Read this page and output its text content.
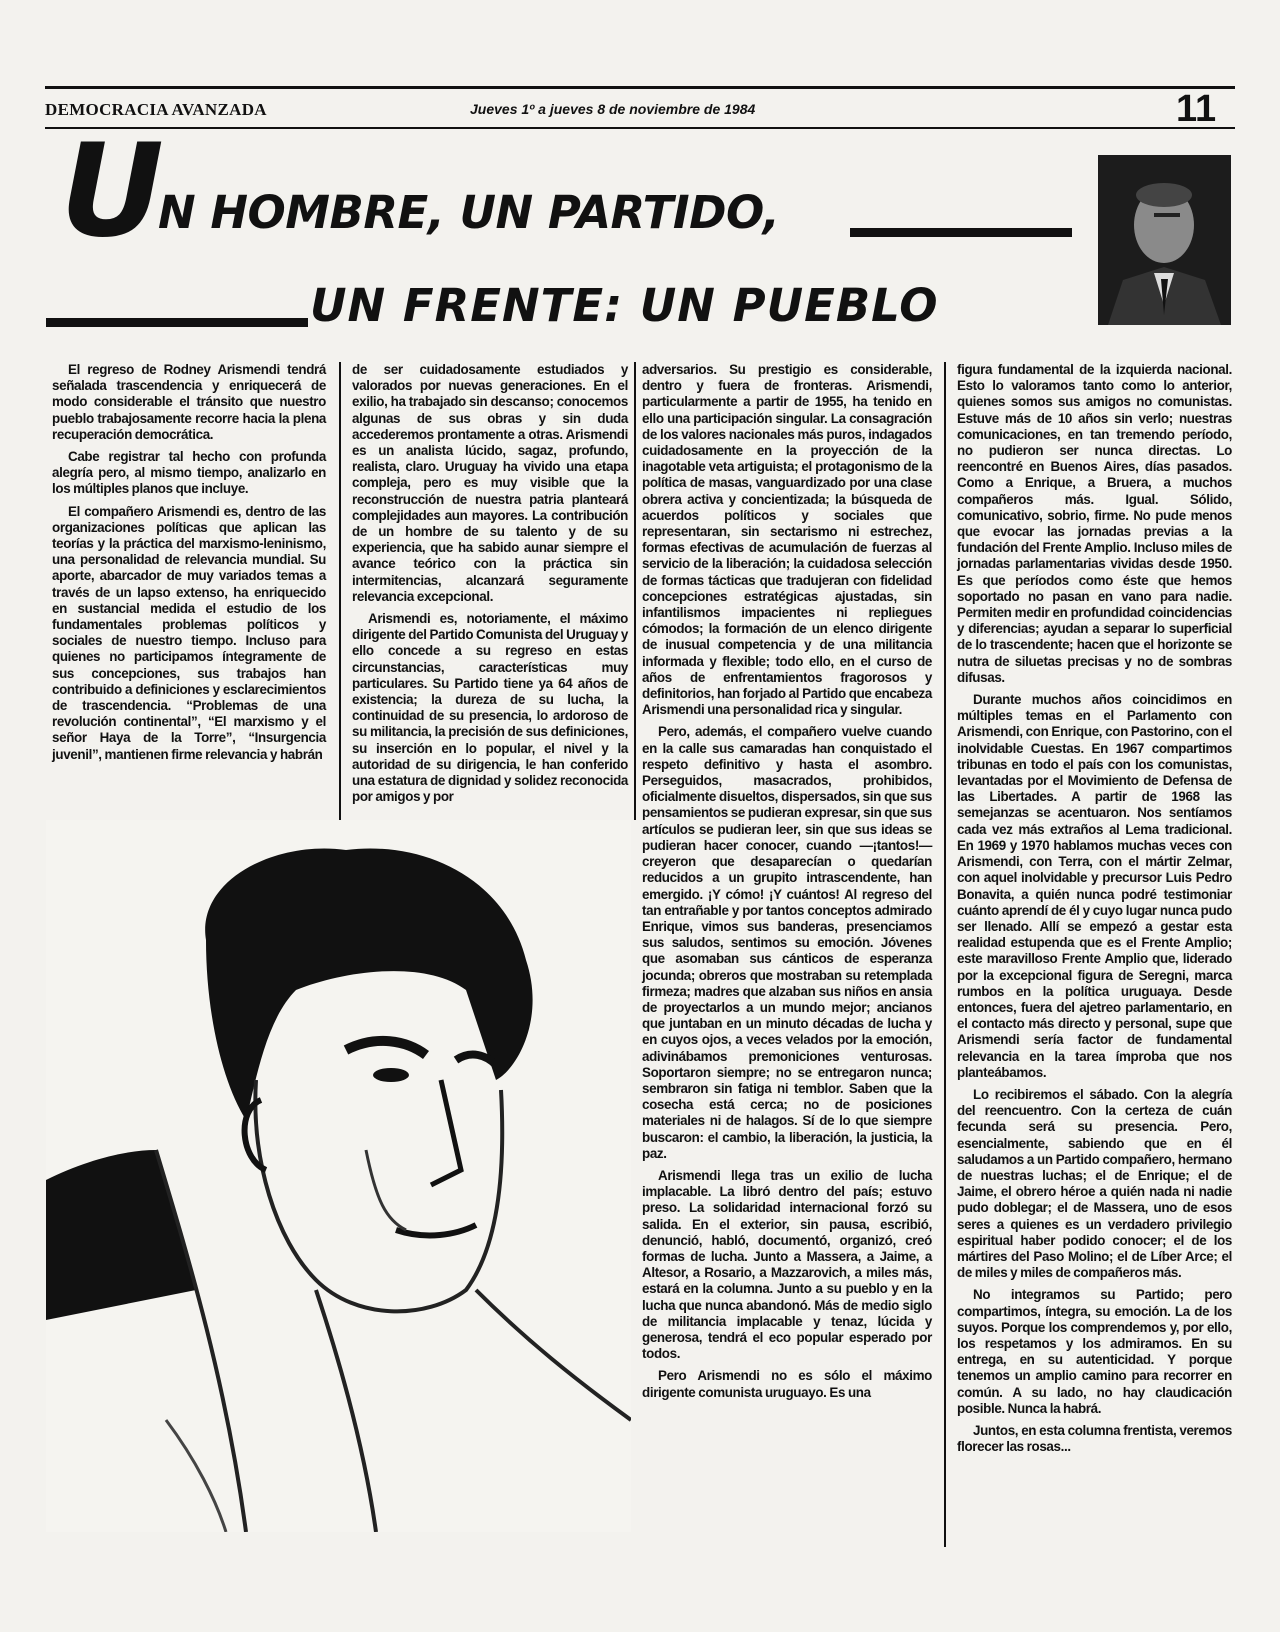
DEMOCRACIA AVANZADA	Jueves 1º a jueves 8 de noviembre de 1984	11
U
N HOMBRE, UN PARTIDO,
UN FRENTE: UN PUEBLO

El regreso de Rodney Arismendi tendrá señalada trascendencia y enriquecerá de modo considerable el tránsito que nuestro pueblo trabajosamente recorre hacia la plena recuperación democrática.

Cabe registrar tal hecho con profunda alegría pero, al mismo tiempo, analizarlo en los múltiples planos que incluye.

El compañero Arismendi es, dentro de las organizaciones políticas que aplican las teorías y la práctica del marxismo-leninismo, una personalidad de relevancia mundial. Su aporte, abarcador de muy variados temas a través de un lapso extenso, ha enriquecido en sustancial medida el estudio de los fundamentales problemas políticos y sociales de nuestro tiempo. Incluso para quienes no participamos íntegramente de sus concepciones, sus trabajos han contribuido a definiciones y esclarecimientos de trascendencia. “Problemas de una revolución continental”, “El marxismo y el señor Haya de la Torre”, “Insurgencia juvenil”, mantienen firme relevancia y habrán

de ser cuidadosamente estudiados y valorados por nuevas generaciones. En el exilio, ha trabajado sin descanso; conocemos algunas de sus obras y sin duda accederemos prontamente a otras. Arismendi es un analista lúcido, sagaz, profundo, realista, claro. Uruguay ha vivido una etapa compleja, pero es muy visible que la reconstrucción de nuestra patria planteará complejidades aun mayores. La contribución de un hombre de su talento y de su experiencia, que ha sabido aunar siempre el avance teórico con la práctica sin intermitencias, alcanzará seguramente relevancia excepcional.

Arismendi es, notoriamente, el máximo dirigente del Partido Comunista del Uruguay y ello concede a su regreso en estas circunstancias, características muy particulares. Su Partido tiene ya 64 años de existencia; la dureza de su lucha, la continuidad de su presencia, lo ardoroso de su militancia, la precisión de sus definiciones, su inserción en lo popular, el nivel y la autoridad de su dirigencia, le han conferido una estatura de dignidad y solidez reconocida por amigos y por

adversarios. Su prestigio es considerable, dentro y fuera de fronteras. Arismendi, particularmente a partir de 1955, ha tenido en ello una participación singular. La consagración de los valores nacionales más puros, indagados cuidadosamente en la proyección de la inagotable veta artiguista; el protagonismo de la política de masas, vanguardizado por una clase obrera activa y concientizada; la búsqueda de acuerdos políticos y sociales que representaran, sin sectarismo ni estrechez, formas efectivas de acumulación de fuerzas al servicio de la liberación; la cuidadosa selección de formas tácticas que tradujeran con fidelidad concepciones estratégicas ajustadas, sin infantilismos impacientes ni repliegues cómodos; la formación de un elenco dirigente de inusual competencia y de una militancia informada y flexible; todo ello, en el curso de años de enfrentamientos fragorosos y definitorios, han forjado al Partido que encabeza Arismendi una personalidad rica y singular.

Pero, además, el compañero vuelve cuando en la calle sus camaradas han conquistado el respeto definitivo y hasta el asombro. Perseguidos, masacrados, prohibidos, oficialmente disueltos, dispersados, sin que sus pensamientos se pudieran expresar, sin que sus artículos se pudieran leer, sin que sus ideas se pudieran hacer conocer, cuando —¡tantos!— creyeron que desaparecían o quedarían reducidos a un grupito intrascendente, han emergido. ¡Y cómo! ¡Y cuántos! Al regreso del tan entrañable y por tantos conceptos admirado Enrique, vimos sus banderas, presenciamos sus saludos, sentimos su emoción. Jóvenes que asomaban sus cánticos de esperanza jocunda; obreros que mostraban su retemplada firmeza; madres que alzaban sus niños en ansia de proyectarlos a un mundo mejor; ancianos que juntaban en un minuto décadas de lucha y en cuyos ojos, a veces velados por la emoción, adivinábamos premoniciones venturosas. Soportaron siempre; no se entregaron nunca; sembraron sin fatiga ni temblor. Saben que la cosecha está cerca; no de posiciones materiales ni de halagos. Sí de lo que siempre buscaron: el cambio, la liberación, la justicia, la paz.

Arismendi llega tras un exilio de lucha implacable. La libró dentro del país; estuvo preso. La solidaridad internacional forzó su salida. En el exterior, sin pausa, escribió, denunció, habló, documentó, organizó, creó formas de lucha. Junto a Massera, a Jaime, a Altesor, a Rosario, a Mazzarovich, a miles más, estará en la columna. Junto a su pueblo y en la lucha que nunca abandonó. Más de medio siglo de militancia implacable y tenaz, lúcida y generosa, tendrá el eco popular esperado por todos.

Pero Arismendi no es sólo el máximo dirigente comunista uruguayo. Es una

figura fundamental de la izquierda nacional. Esto lo valoramos tanto como lo anterior, quienes somos sus amigos no comunistas. Estuve más de 10 años sin verlo; nuestras comunicaciones, en tan tremendo período, no pudieron ser nunca directas. Lo reencontré en Buenos Aires, días pasados. Como a Enrique, a Bruera, a muchos compañeros más. Igual. Sólido, comunicativo, sobrio, firme. No pude menos que evocar las jornadas previas a la fundación del Frente Amplio. Incluso miles de jornadas parlamentarias vividas desde 1950. Es que períodos como éste que hemos soportado no pasan en vano para nadie. Permiten medir en profundidad coincidencias y diferencias; ayudan a separar lo superficial de lo trascendente; hacen que el horizonte se nutra de siluetas precisas y no de sombras difusas.

Durante muchos años coincidimos en múltiples temas en el Parlamento con Arismendi, con Enrique, con Pastorino, con el inolvidable Cuestas. En 1967 compartimos tribunas en todo el país con los comunistas, levantadas por el Movimiento de Defensa de las Libertades. A partir de 1968 las semejanzas se acentuaron. Nos sentíamos cada vez más extraños al Lema tradicional. En 1969 y 1970 hablamos muchas veces con Arismendi, con Terra, con el mártir Zelmar, con aquel inolvidable y precursor Luis Pedro Bonavita, a quién nunca podré testimoniar cuánto aprendí de él y cuyo lugar nunca pudo ser llenado. Allí se empezó a gestar esta realidad estupenda que es el Frente Amplio; este maravilloso Frente Amplio que, liderado por la excepcional figura de Seregni, marca rumbos en la política uruguaya. Desde entonces, fuera del ajetreo parlamentario, en el contacto más directo y personal, supe que Arismendi sería factor de fundamental relevancia en la tarea ímproba que nos planteábamos.

Lo recibiremos el sábado. Con la alegría del reencuentro. Con la certeza de cuán fecunda será su presencia. Pero, esencialmente, sabiendo que en él saludamos a un Partido compañero, hermano de nuestras luchas; el de Enrique; el de Jaime, el obrero héroe a quién nada ni nadie pudo doblegar; el de Massera, uno de esos seres a quienes es un verdadero privilegio espiritual haber podido conocer; el de los mártires del Paso Molino; el de Líber Arce; el de miles y miles de compañeros más.

No integramos su Partido; pero compartimos, íntegra, su emoción. La de los suyos. Porque los comprendemos y, por ello, los respetamos y los admiramos. En su entrega, en su autenticidad. Y porque tenemos un amplio camino para recorrer en común. A su lado, no hay claudicación posible. Nunca la habrá.

Juntos, en esta columna frentista, veremos florecer las rosas...
